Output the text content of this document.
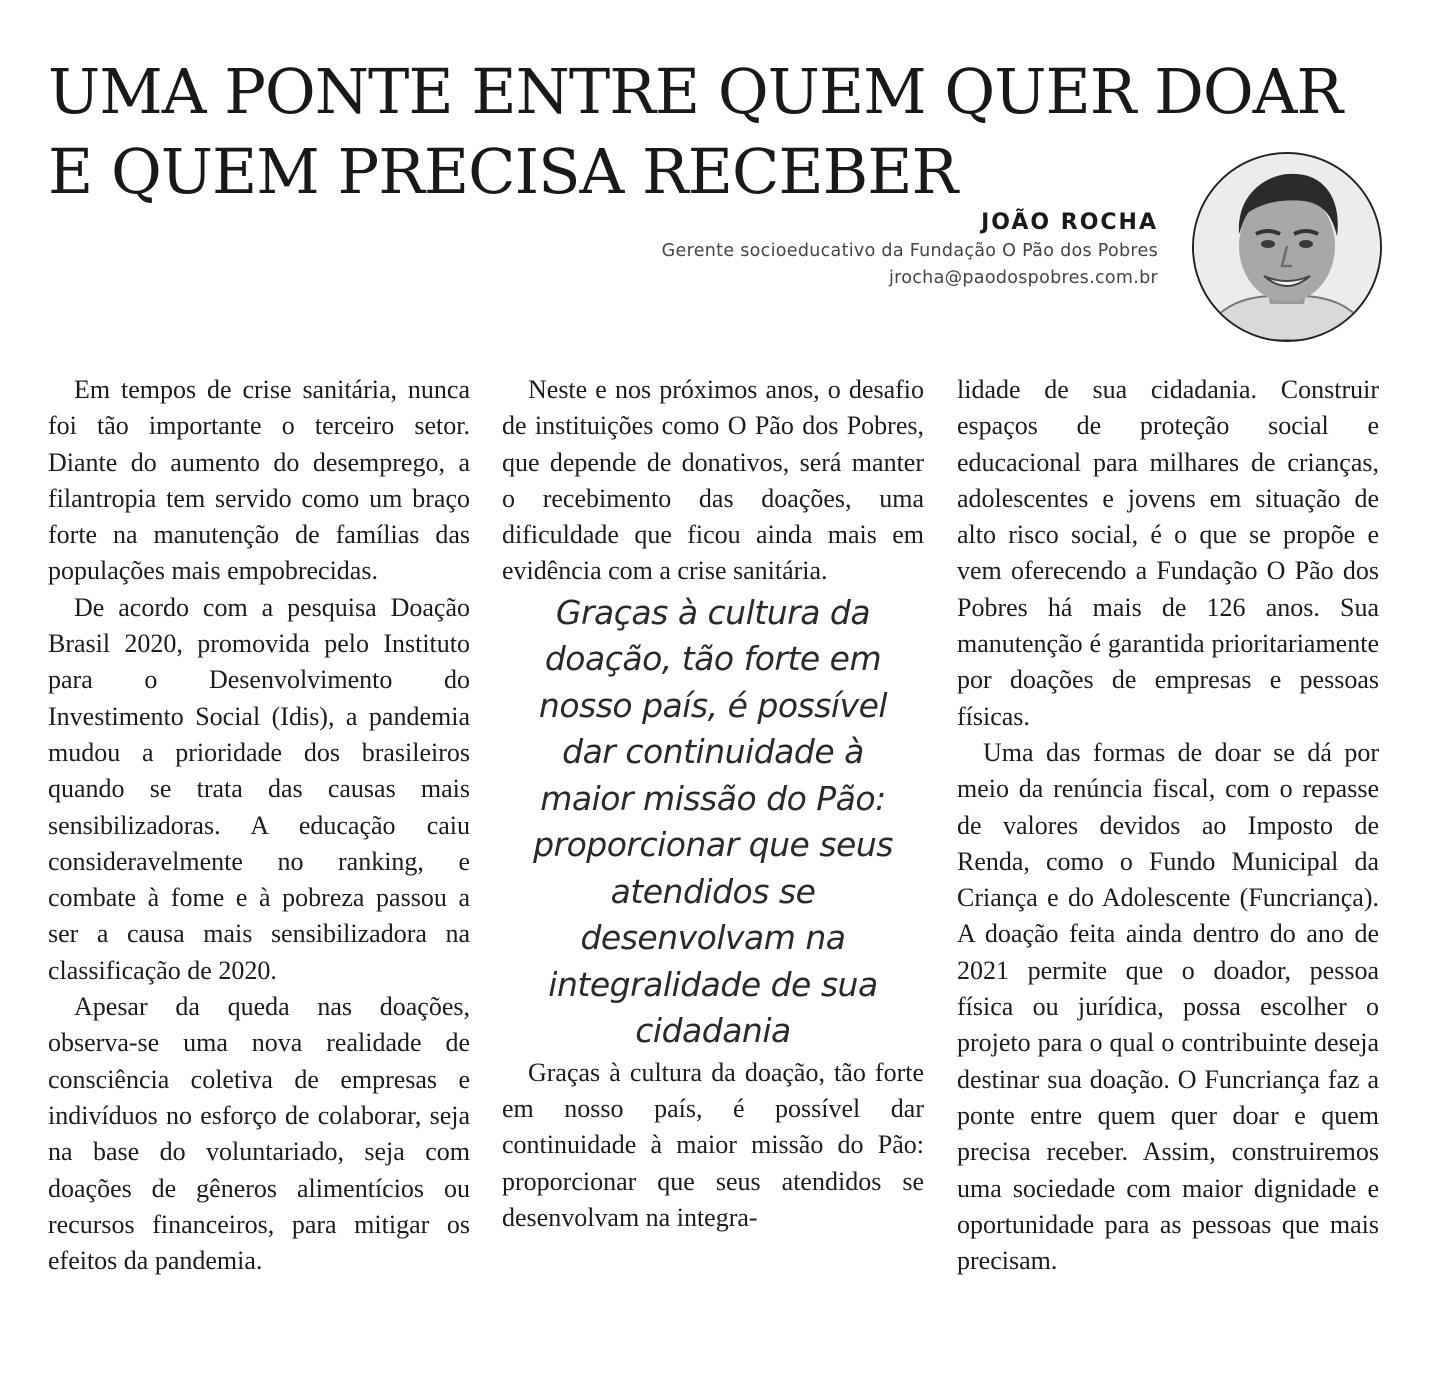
UMA PONTE ENTRE QUEM QUER DOAR
E QUEM PRECISA RECEBER
JOÃO ROCHA
Gerente socioeducativo da Fundação O Pão dos Pobres
jrocha@paodospobres.com.br

Em tempos de crise sanitária, nunca foi tão importante o terceiro setor. Diante do aumento do desemprego, a filantropia tem servido como um braço forte na manutenção de famílias das populações mais empobrecidas.

De acordo com a pesquisa Doação Brasil 2020, promovida pelo Instituto para o Desenvolvimento do Investimento Social (Idis), a pandemia mudou a prioridade dos brasileiros quando se trata das causas mais sensibilizadoras. A educação caiu consideravelmente no ranking, e combate à fome e à pobreza passou a ser a causa mais sensibilizadora na classificação de 2020.

Apesar da queda nas doações, observa-se uma nova realidade de consciência coletiva de empresas e indivíduos no esforço de colaborar, seja na base do voluntariado, seja com doações de gêneros alimentícios ou recursos financeiros, para mitigar os efeitos da pandemia.

Neste e nos próximos anos, o desafio de instituições como O Pão dos Pobres, que depende de donativos, será manter o recebimento das doações, uma dificuldade que ficou ainda mais em evidência com a crise sanitária.

Graças à cultura da doação, tão forte em nosso país, é possível dar continuidade à maior missão do Pão: proporcionar que seus atendidos se desenvolvam na integralidade de sua cidadania

Graças à cultura da doação, tão forte em nosso país, é possível dar continuidade à maior missão do Pão: proporcionar que seus atendidos se desenvolvam na integra-

lidade de sua cidadania. Construir espaços de proteção social e educacional para milhares de crianças, adolescentes e jovens em situação de alto risco social, é o que se propõe e vem oferecendo a Fundação O Pão dos Pobres há mais de 126 anos. Sua manutenção é garantida prioritariamente por doações de empresas e pessoas físicas.

Uma das formas de doar se dá por meio da renúncia fiscal, com o repasse de valores devidos ao Imposto de Renda, como o Fundo Municipal da Criança e do Adolescente (Funcriança). A doação feita ainda dentro do ano de 2021 permite que o doador, pessoa física ou jurídica, possa escolher o projeto para o qual o contribuinte deseja destinar sua doação. O Funcriança faz a ponte entre quem quer doar e quem precisa receber. Assim, construiremos uma sociedade com maior dignidade e oportunidade para as pessoas que mais precisam.
